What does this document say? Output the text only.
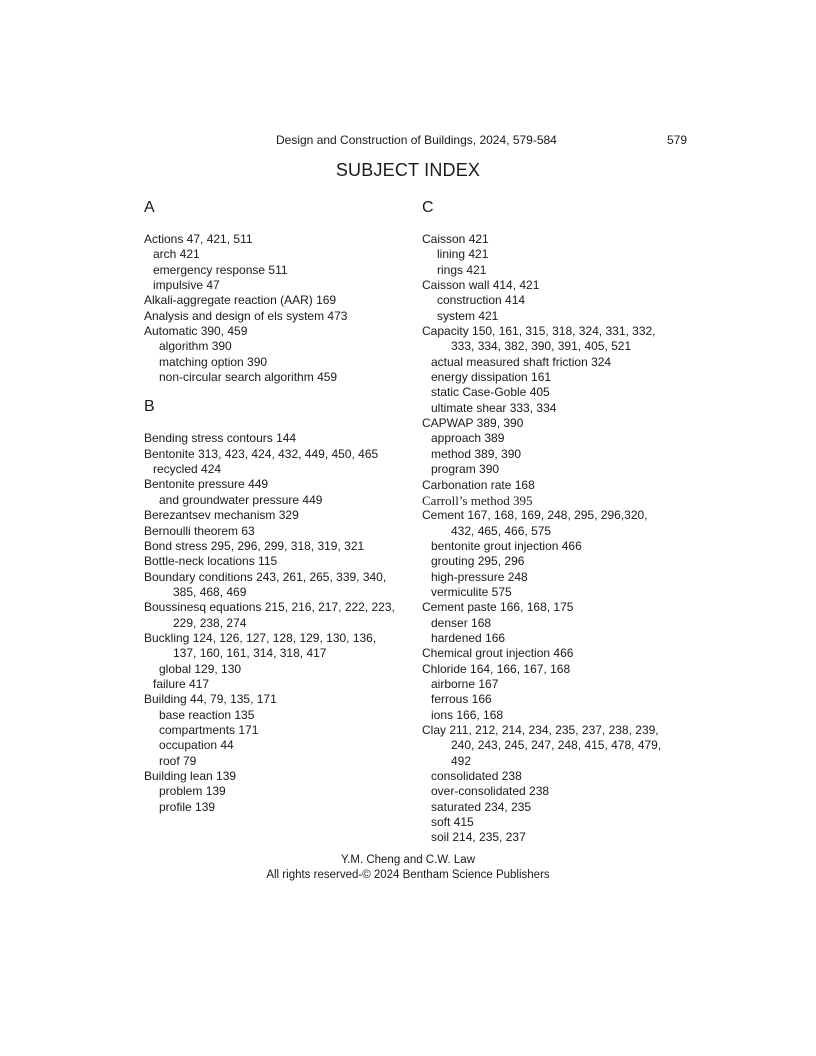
Design and Construction of Buildings, 2024, 579-584	579
SUBJECT INDEX
A
Actions 47, 421, 511
arch 421
emergency response 511
impulsive 47
Alkali-aggregate reaction (AAR) 169
Analysis and design of els system 473
Automatic 390, 459
algorithm 390
matching option 390
non-circular search algorithm 459
B
Bending stress contours 144
Bentonite 313, 423, 424, 432, 449, 450, 465
recycled 424
Bentonite pressure 449
and groundwater pressure 449
Berezantsev mechanism 329
Bernoulli theorem 63
Bond stress 295, 296, 299, 318, 319, 321
Bottle-neck locations 115
Boundary conditions 243, 261, 265, 339, 340,
385, 468, 469
Boussinesq equations 215, 216, 217, 222, 223,
229, 238, 274
Buckling 124, 126, 127, 128, 129, 130, 136,
137, 160, 161, 314, 318, 417
global 129, 130
failure 417
Building 44, 79, 135, 171
base reaction 135
compartments 171
occupation 44
roof 79
Building lean 139
problem 139
profile 139
C
Caisson 421
lining 421
rings 421
Caisson wall 414, 421
construction 414
system 421
Capacity 150, 161, 315, 318, 324, 331, 332,
333, 334, 382, 390, 391, 405, 521
actual measured shaft friction 324
energy dissipation 161
static Case-Goble 405
ultimate shear 333, 334
CAPWAP 389, 390
approach 389
method 389, 390
program 390
Carbonation rate 168
Carroll’s method 395
Cement 167, 168, 169, 248, 295, 296,320,
432, 465, 466, 575
bentonite grout injection 466
grouting 295, 296
high-pressure 248
vermiculite 575
Cement paste 166, 168, 175
denser 168
hardened 166
Chemical grout injection 466
Chloride 164, 166, 167, 168
airborne 167
ferrous 166
ions 166, 168
Clay 211, 212, 214, 234, 235, 237, 238, 239,
240, 243, 245, 247, 248, 415, 478, 479,
492
consolidated 238
over-consolidated 238
saturated 234, 235
soft 415
soil 214, 235, 237
Y.M. Cheng and C.W. Law
All rights reserved-© 2024 Bentham Science Publishers
